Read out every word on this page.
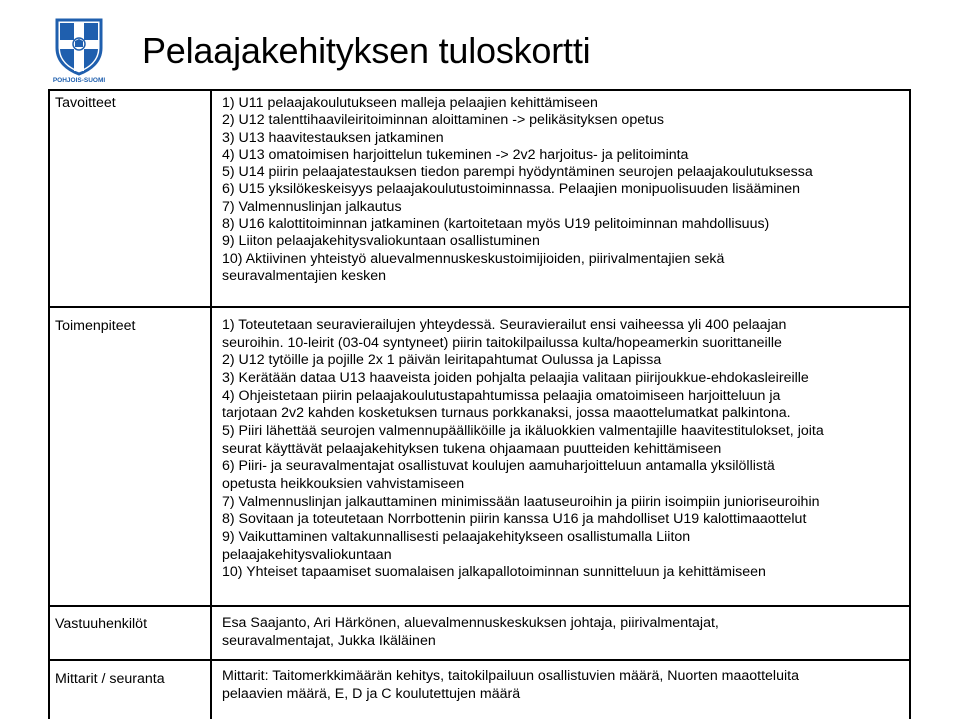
POHJOIS-SUOMI
Pelaajakehityksen tuloskortti
Tavoitteet	1) U11 pelaajakoulutukseen malleja pelaajien kehittämiseen
2) U12 talenttihaavileiritoiminnan aloittaminen -> pelikäsityksen opetus
3) U13 haavitestauksen jatkaminen
4) U13 omatoimisen harjoittelun tukeminen -> 2v2 harjoitus- ja pelitoiminta
5) U14 piirin pelaajatestauksen tiedon parempi hyödyntäminen seurojen pelaajakoulutuksessa
6) U15 yksilökeskeisyys pelaajakoulutustoiminnassa. Pelaajien monipuolisuuden lisääminen
7) Valmennuslinjan jalkautus
8) U16 kalottitoiminnan jatkaminen (kartoitetaan myös U19 pelitoiminnan mahdollisuus)
9) Liiton pelaajakehitysvaliokuntaan osallistuminen
10) Aktiivinen yhteistyö aluevalmennuskeskustoimijioiden, piirivalmentajien sekä
seuravalmentajien kesken
Toimenpiteet	1) Toteutetaan seuravierailujen yhteydessä. Seuravierailut ensi vaiheessa yli 400 pelaajan
seuroihin. 10-leirit (03-04 syntyneet) piirin taitokilpailussa kulta/hopeamerkin suorittaneille
2) U12 tytöille ja pojille 2x 1 päivän leiritapahtumat Oulussa ja Lapissa
3) Kerätään dataa U13 haaveista joiden pohjalta pelaajia valitaan piirijoukkue-ehdokasleireille
4) Ohjeistetaan piirin pelaajakoulutustapahtumissa pelaajia omatoimiseen harjoitteluun ja
tarjotaan 2v2 kahden kosketuksen turnaus porkkanaksi, jossa maaottelumatkat palkintona.
5) Piiri lähettää seurojen valmennupäälliköille ja ikäluokkien valmentajille haavitestitulokset, joita
seurat käyttävät pelaajakehityksen tukena ohjaamaan puutteiden kehittämiseen
6) Piiri- ja seuravalmentajat osallistuvat koulujen aamuharjoitteluun antamalla yksilöllistä
opetusta heikkouksien vahvistamiseen
7) Valmennuslinjan jalkauttaminen minimissään laatuseuroihin ja piirin isoimpiin junioriseuroihin
8) Sovitaan ja toteutetaan Norrbottenin piirin kanssa U16 ja mahdolliset U19 kalottimaaottelut
9) Vaikuttaminen valtakunnallisesti pelaajakehitykseen osallistumalla Liiton
pelaajakehitysvaliokuntaan
10) Yhteiset tapaamiset suomalaisen jalkapallotoiminnan sunnitteluun ja kehittämiseen
Vastuuhenkilöt	Esa Saajanto, Ari Härkönen, aluevalmennuskeskuksen johtaja, piirivalmentajat,
seuravalmentajat, Jukka Ikäläinen
Mittarit / seuranta	Mittarit: Taitomerkkimäärän kehitys, taitokilpailuun osallistuvien määrä, Nuorten maaotteluita
pelaavien määrä, E, D ja C koulutettujen määrä
